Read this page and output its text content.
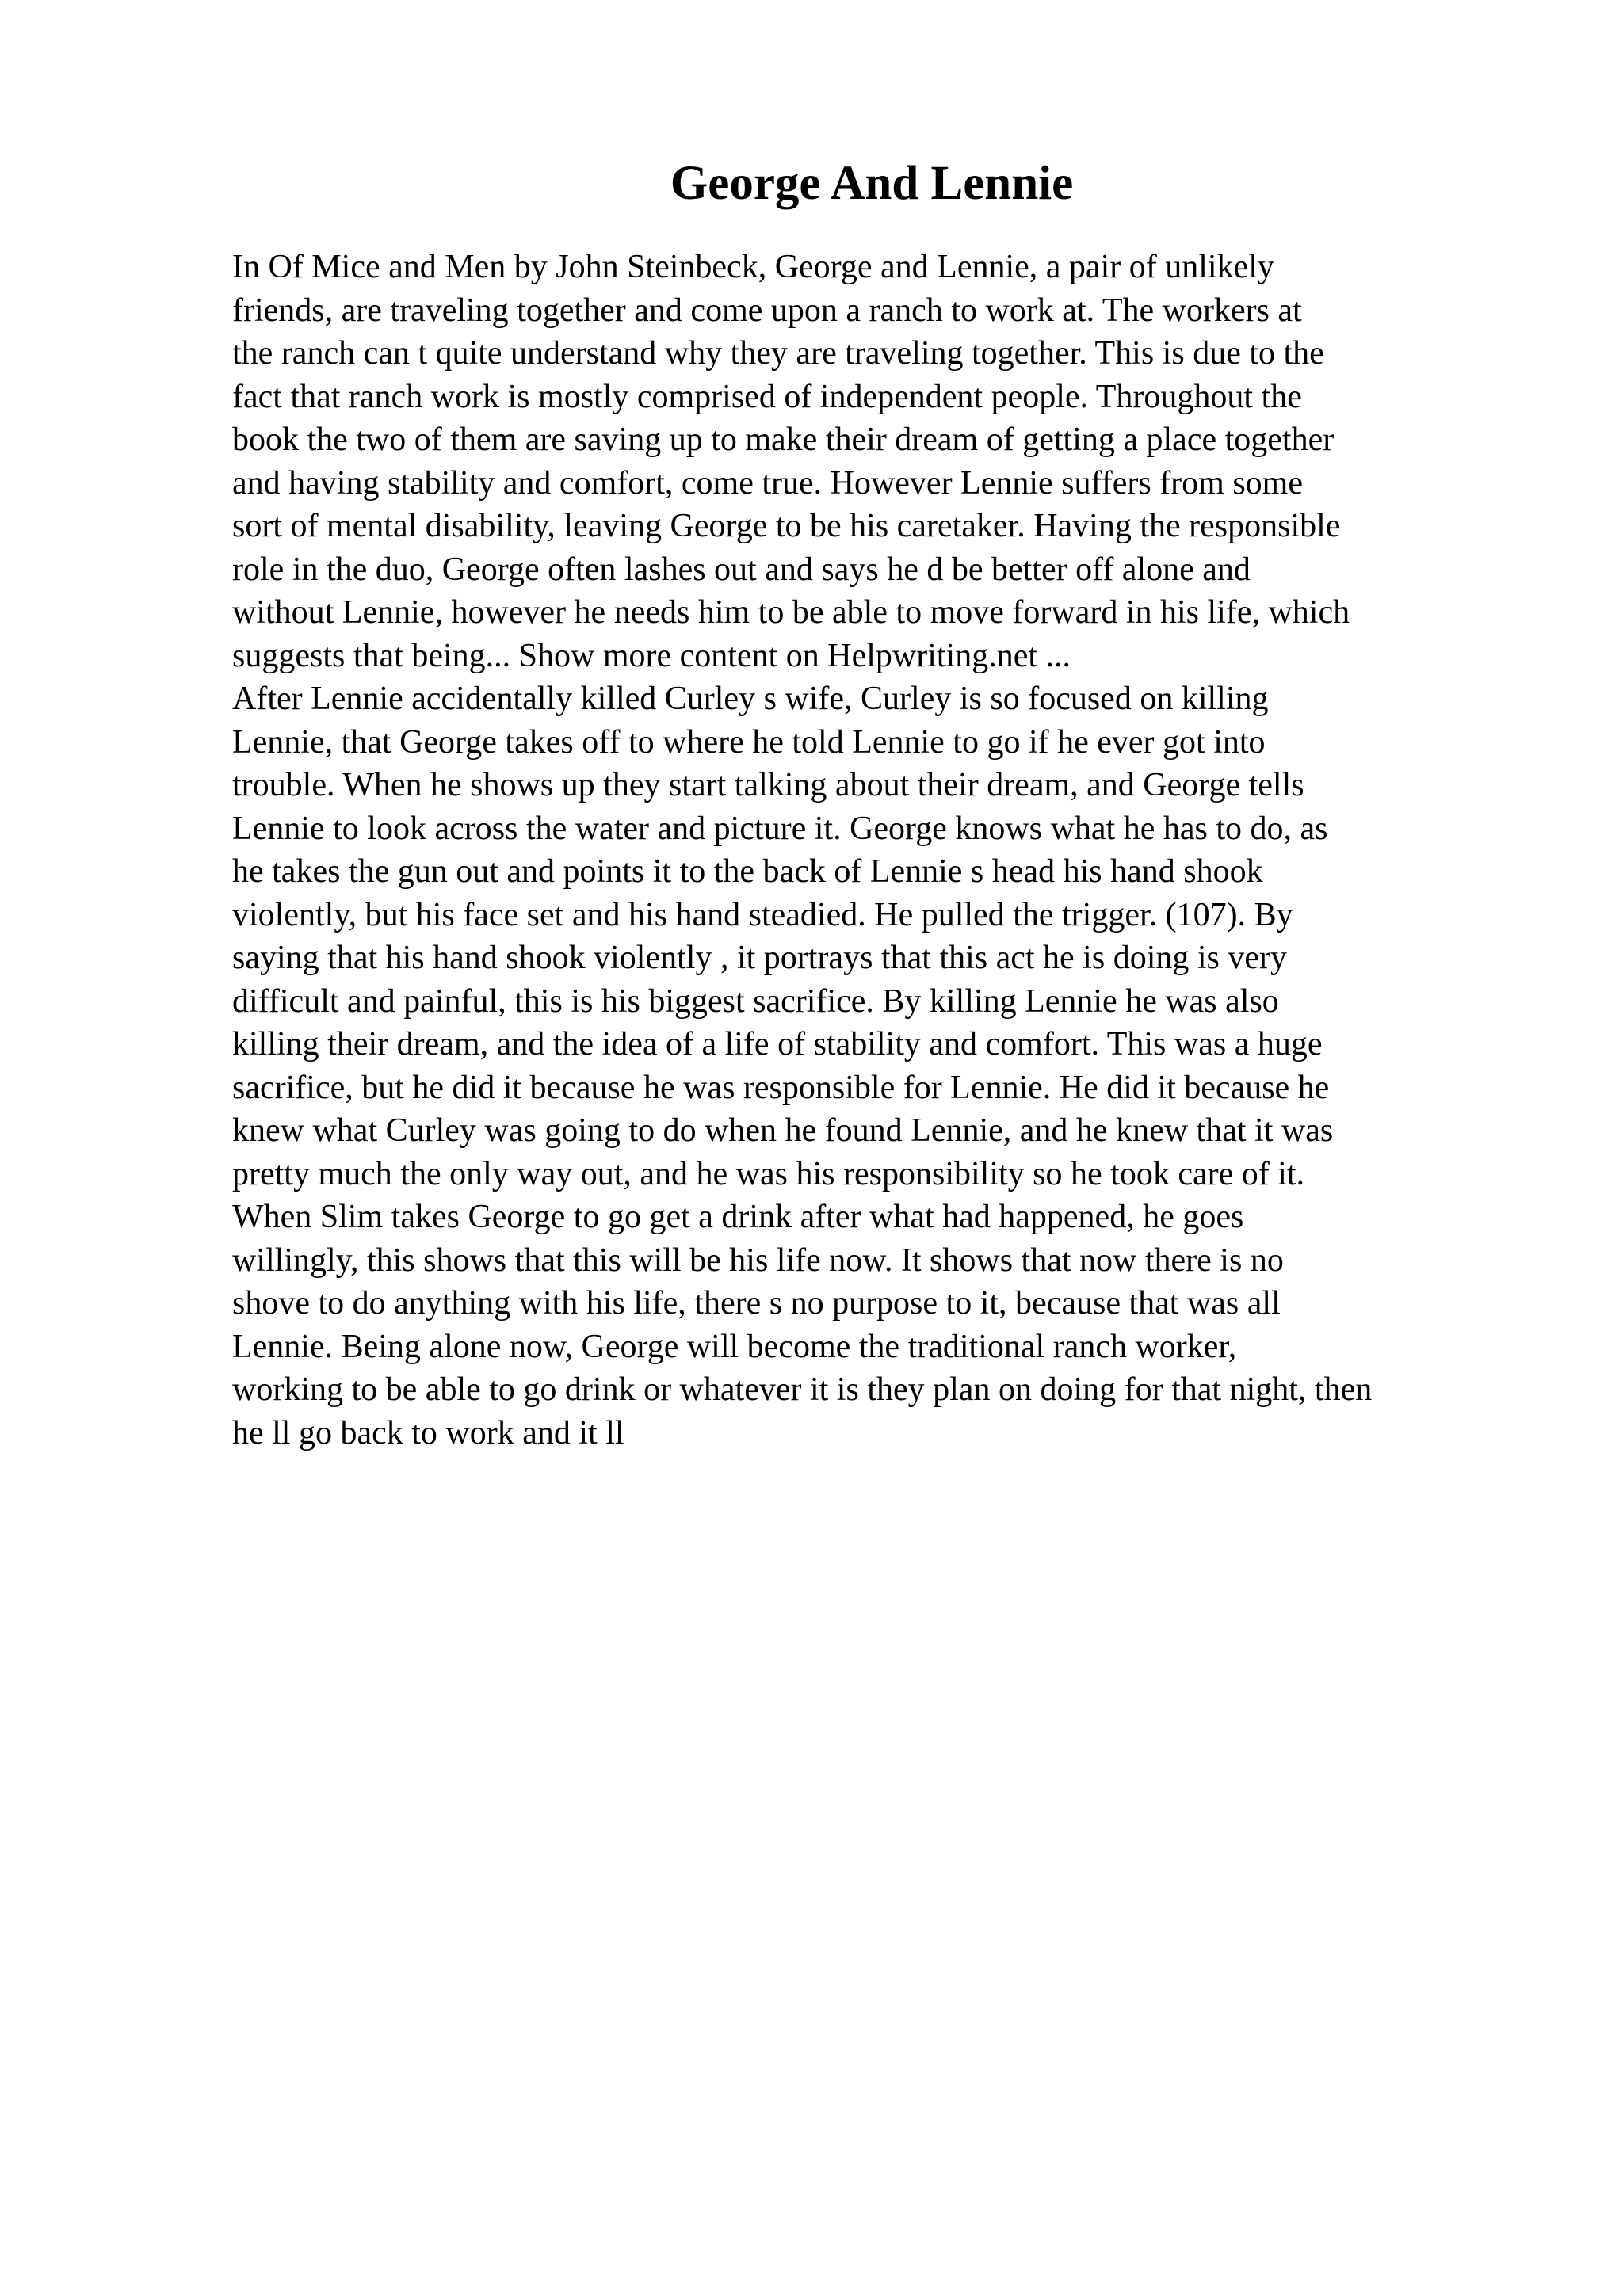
George And Lennie
In Of Mice and Men by John Steinbeck, George and Lennie, a pair of unlikely
friends, are traveling together and come upon a ranch to work at. The workers at
the ranch can t quite understand why they are traveling together. This is due to the
fact that ranch work is mostly comprised of independent people. Throughout the
book the two of them are saving up to make their dream of getting a place together
and having stability and comfort, come true. However Lennie suffers from some
sort of mental disability, leaving George to be his caretaker. Having the responsible
role in the duo, George often lashes out and says he d be better off alone and
without Lennie, however he needs him to be able to move forward in his life, which
suggests that being... Show more content on Helpwriting.net ...
After Lennie accidentally killed Curley s wife, Curley is so focused on killing
Lennie, that George takes off to where he told Lennie to go if he ever got into
trouble. When he shows up they start talking about their dream, and George tells
Lennie to look across the water and picture it. George knows what he has to do, as
he takes the gun out and points it to the back of Lennie s head his hand shook
violently, but his face set and his hand steadied. He pulled the trigger. (107). By
saying that his hand shook violently , it portrays that this act he is doing is very
difficult and painful, this is his biggest sacrifice. By killing Lennie he was also
killing their dream, and the idea of a life of stability and comfort. This was a huge
sacrifice, but he did it because he was responsible for Lennie. He did it because he
knew what Curley was going to do when he found Lennie, and he knew that it was
pretty much the only way out, and he was his responsibility so he took care of it.
When Slim takes George to go get a drink after what had happened, he goes
willingly, this shows that this will be his life now. It shows that now there is no
shove to do anything with his life, there s no purpose to it, because that was all
Lennie. Being alone now, George will become the traditional ranch worker,
working to be able to go drink or whatever it is they plan on doing for that night, then
he ll go back to work and it ll
